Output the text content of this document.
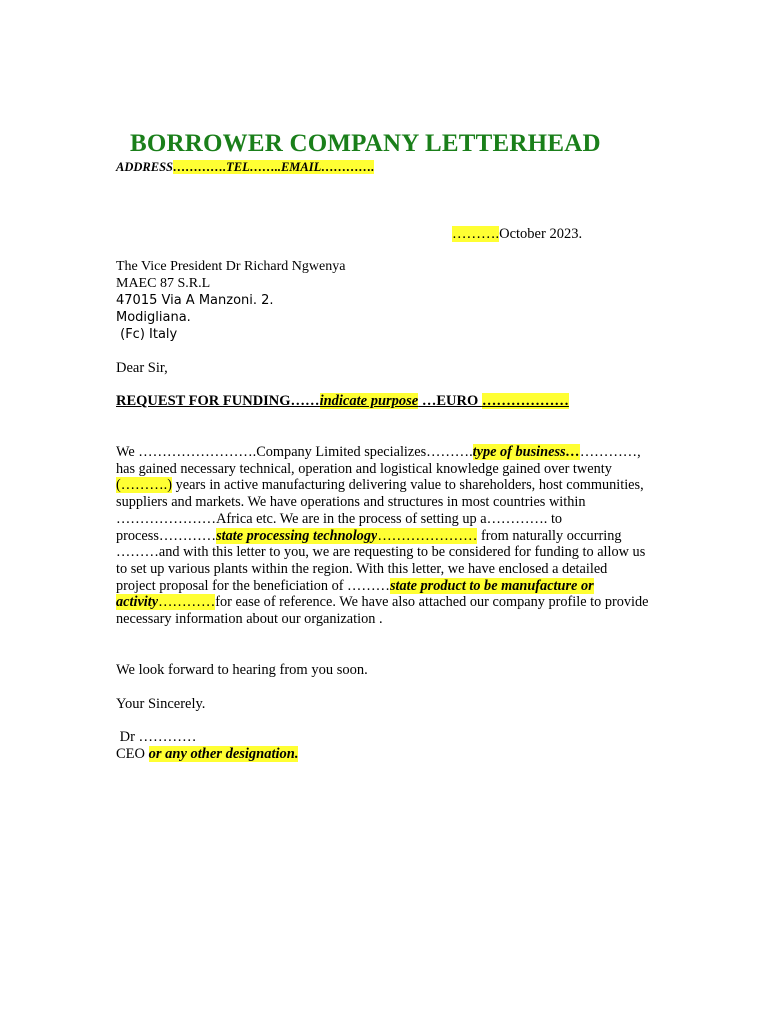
BORROWER COMPANY LETTERHEAD
ADDRESS………….TEL……..EMAIL………….
……….October 2023.
The Vice President Dr Richard Ngwenya
MAEC 87 S.R.L
47015 Via A Manzoni. 2.
Modigliana.
(Fc) Italy
Dear Sir,
REQUEST FOR FUNDING……indicate purpose …EURO ………………
We …………………….Company Limited specializes……….type of business……………, has gained necessary technical, operation and logistical knowledge gained over twenty (……….) years in active manufacturing delivering value to shareholders, host communities, suppliers and markets. We have operations and structures in most countries within …………………Africa etc. We are in the process of setting up a…………. to process…………state processing technology………………… from naturally occurring ………and with this letter to you, we are requesting to be considered for funding to allow us to set up various plants within the region. With this letter, we have enclosed a detailed project proposal for the beneficiation of ………state product to be manufacture or activity…………for ease of reference. We have also attached our company profile to provide necessary information about our organization .
We look forward to hearing from you soon.
Your Sincerely.
Dr …………
CEO or any other designation.
